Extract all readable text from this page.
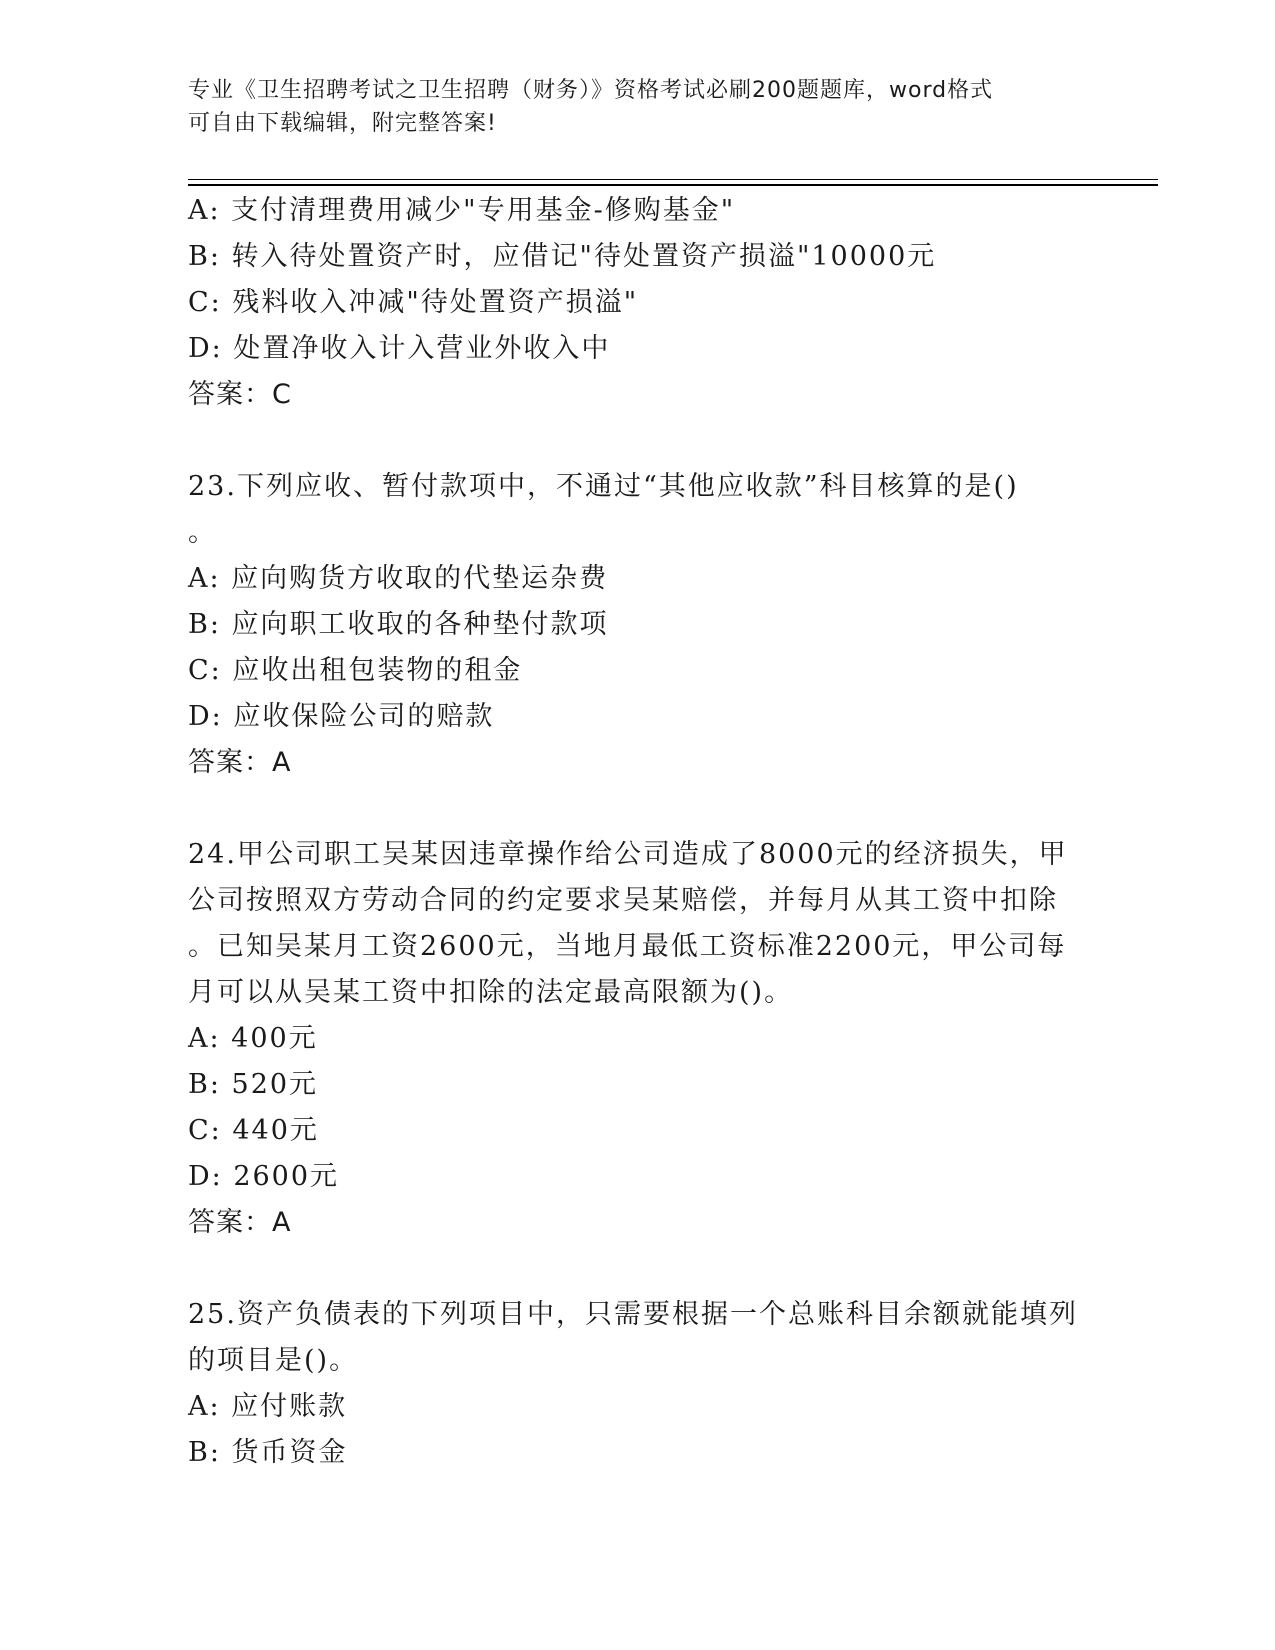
专业《卫生招聘考试之卫生招聘（财务）》资格考试必刷200题题库，word格式
可自由下载编辑，附完整答案!
A: 支付清理费用减少"专用基金-修购基金"
B: 转入待处置资产时，应借记"待处置资产损溢"10000元
C: 残料收入冲减"待处置资产损溢"
D: 处置净收入计入营业外收入中
答案：C
23.下列应收、暂付款项中，不通过“其他应收款”科目核算的是()
。
A: 应向购货方收取的代垫运杂费
B: 应向职工收取的各种垫付款项
C: 应收出租包装物的租金
D: 应收保险公司的赔款
答案：A
24.甲公司职工吴某因违章操作给公司造成了8000元的经济损失，甲
公司按照双方劳动合同的约定要求吴某赔偿，并每月从其工资中扣除
。已知吴某月工资2600元，当地月最低工资标准2200元，甲公司每
月可以从吴某工资中扣除的法定最高限额为()。
A: 400元
B: 520元
C: 440元
D: 2600元
答案：A
25.资产负债表的下列项目中，只需要根据一个总账科目余额就能填列
的项目是()。
A: 应付账款
B: 货币资金
